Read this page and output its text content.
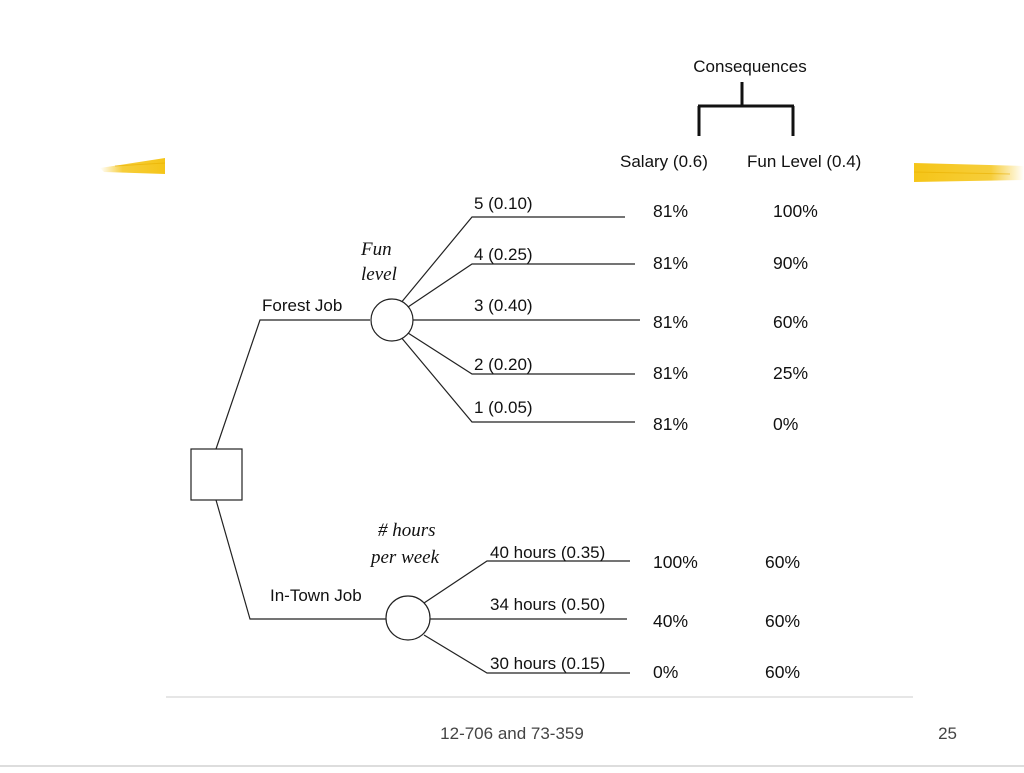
Consequences
Salary (0.6) Fun Level (0.4)
Forest Job
In-Town Job
Fun
level
5 (0.10)
4 (0.25)
3 (0.40)
2 (0.20)
1 (0.05)
81%
81%
81%
81%
81%
100%
90%
60%
25%
0%
# hours
per week	40 hours (0.35)
34 hours (0.50)
30 hours (0.15)
100%
40%
0%
60%
60%
60%
12-706 and 73-359	25
